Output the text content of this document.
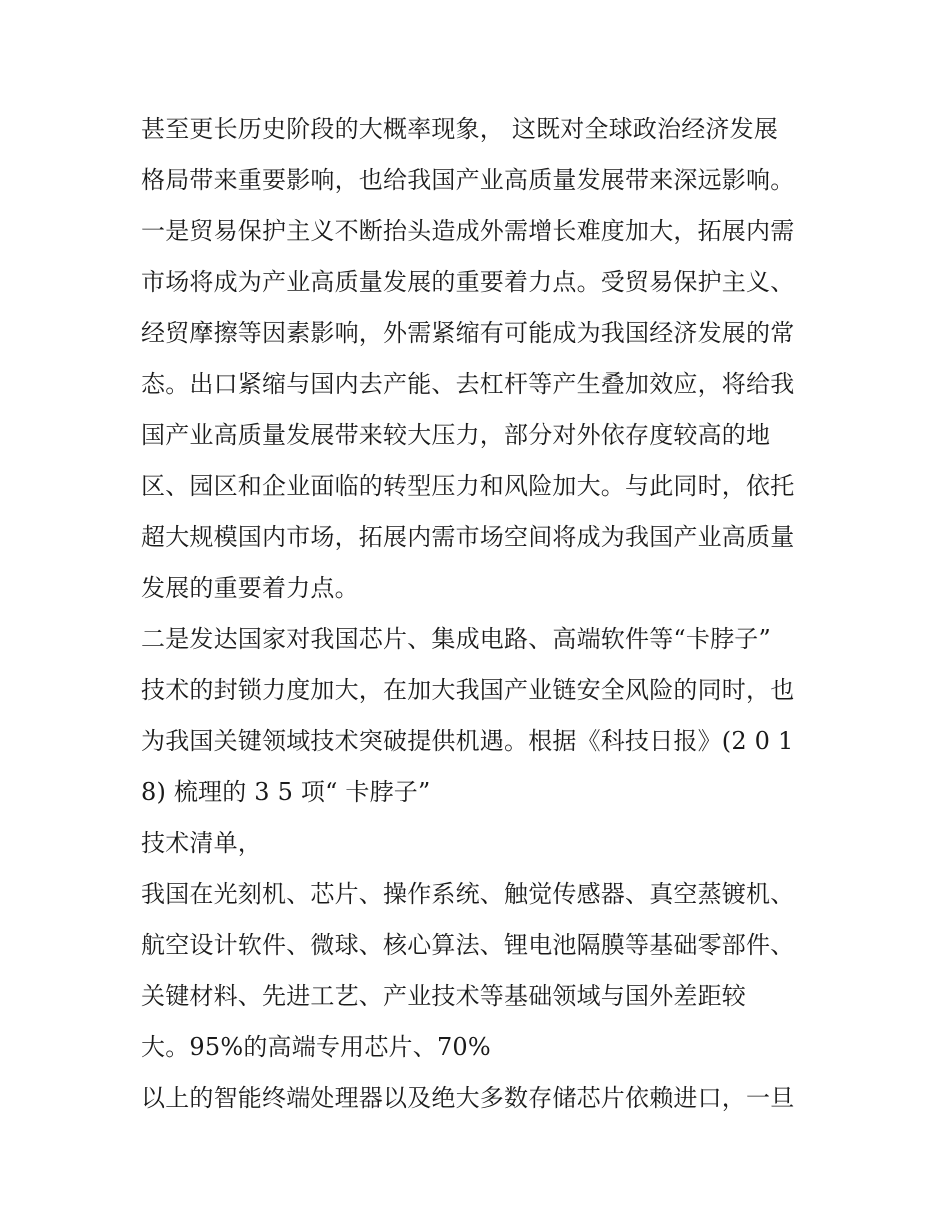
甚至更长历史阶段的大概率现象， 这既对全球政治经济发展

格局带来重要影响，也给我国产业高质量发展带来深远影响。

一是贸易保护主义不断抬头造成外需增长难度加大，拓展内需

市场将成为产业高质量发展的重要着力点。受贸易保护主义、

经贸摩擦等因素影响，外需紧缩有可能成为我国经济发展的常

态。出口紧缩与国内去产能、去杠杆等产生叠加效应，将给我

国产业高质量发展带来较大压力，部分对外依存度较高的地

区、园区和企业面临的转型压力和风险加大。与此同时，依托

超大规模国内市场，拓展内需市场空间将成为我国产业高质量

发展的重要着力点。

二是发达国家对我国芯片、集成电路、高端软件等“卡脖子”

技术的封锁力度加大，在加大我国产业链安全风险的同时，也

为我国关键领域技术突破提供机遇。根据《科技日报》(2 0 1

8) 梳理的 3 5 项“ 卡脖子”

技术清单，

我国在光刻机、芯片、操作系统、触觉传感器、真空蒸镀机、

航空设计软件、微球、核心算法、锂电池隔膜等基础零部件、

关键材料、先进工艺、产业技术等基础领域与国外差距较

大。95%的高端专用芯片、70%

以上的智能终端处理器以及绝大多数存储芯片依赖进口，一旦
